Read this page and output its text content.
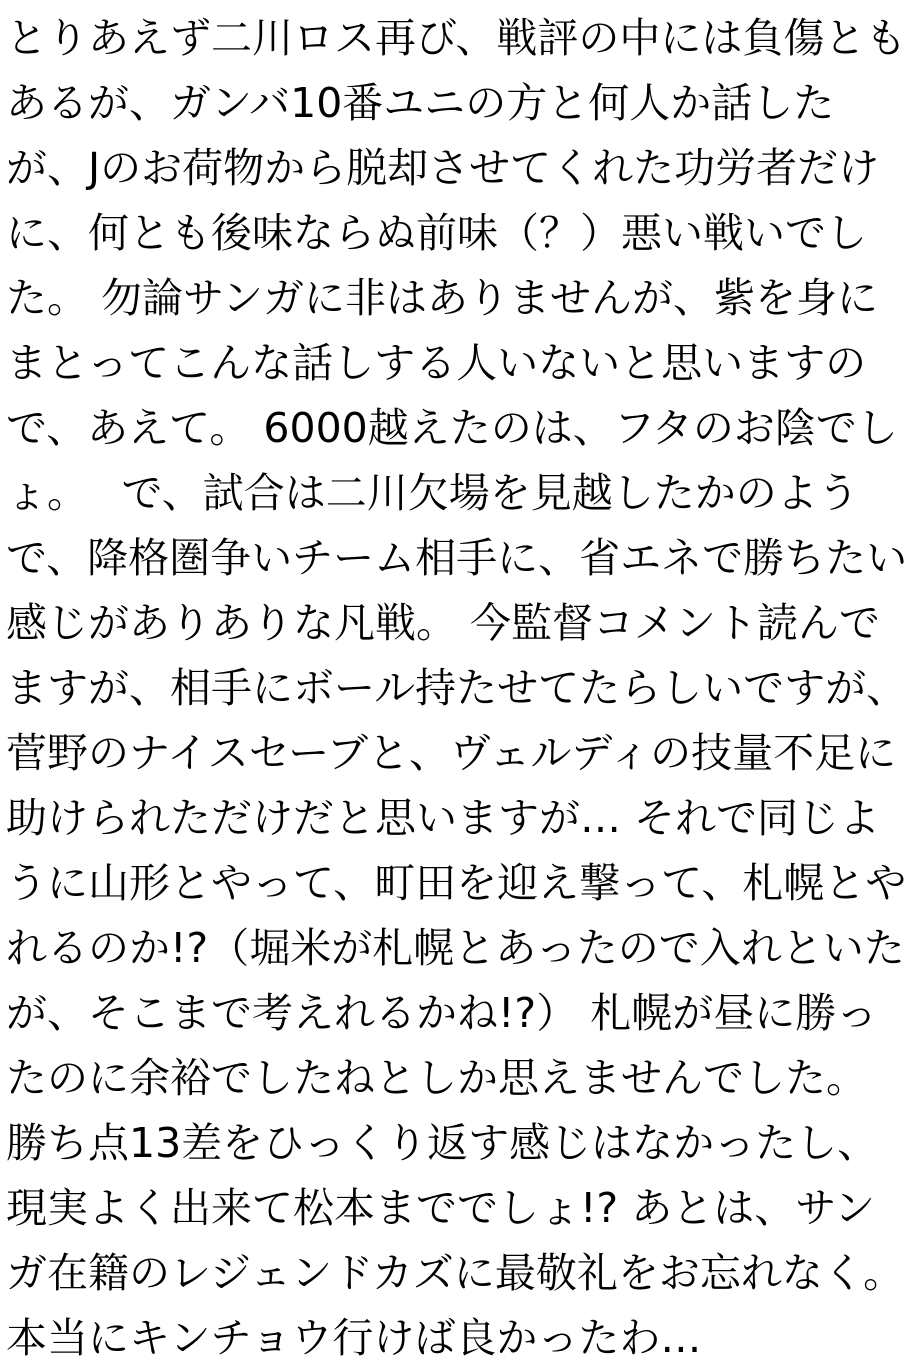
とりあえず二川ロス再び、戦評の中には負傷ともあるが、ガンバ10番ユニの方と何人か話したが、Jのお荷物から脱却させてくれた功労者だけに、何とも後味ならぬ前味（？）悪い戦いでした。 勿論サンガに非はありませんが、紫を身にまとってこんな話しする人いないと思いますので、あえて。 6000越えたのは、フタのお陰でしょ。　 で、試合は二川欠場を見越したかのようで、降格圏争いチーム相手に、省エネで勝ちたい感じがありありな凡戦。 今監督コメント読んでますが、相手にボール持たせてたらしいですが、菅野のナイスセーブと、ヴェルディの技量不足に助けられただけだと思いますが… それで同じように山形とやって、町田を迎え撃って、札幌とやれるのか!?（堀米が札幌とあったので入れといたが、そこまで考えれるかね!?） 札幌が昼に勝ったのに余裕でしたねとしか思えませんでした。 勝ち点13差をひっくり返す感じはなかったし、現実よく出来て松本まででしょ!? あとは、サンガ在籍のレジェンドカズに最敬礼をお忘れなく。 本当にキンチョウ行けば良かったわ…
